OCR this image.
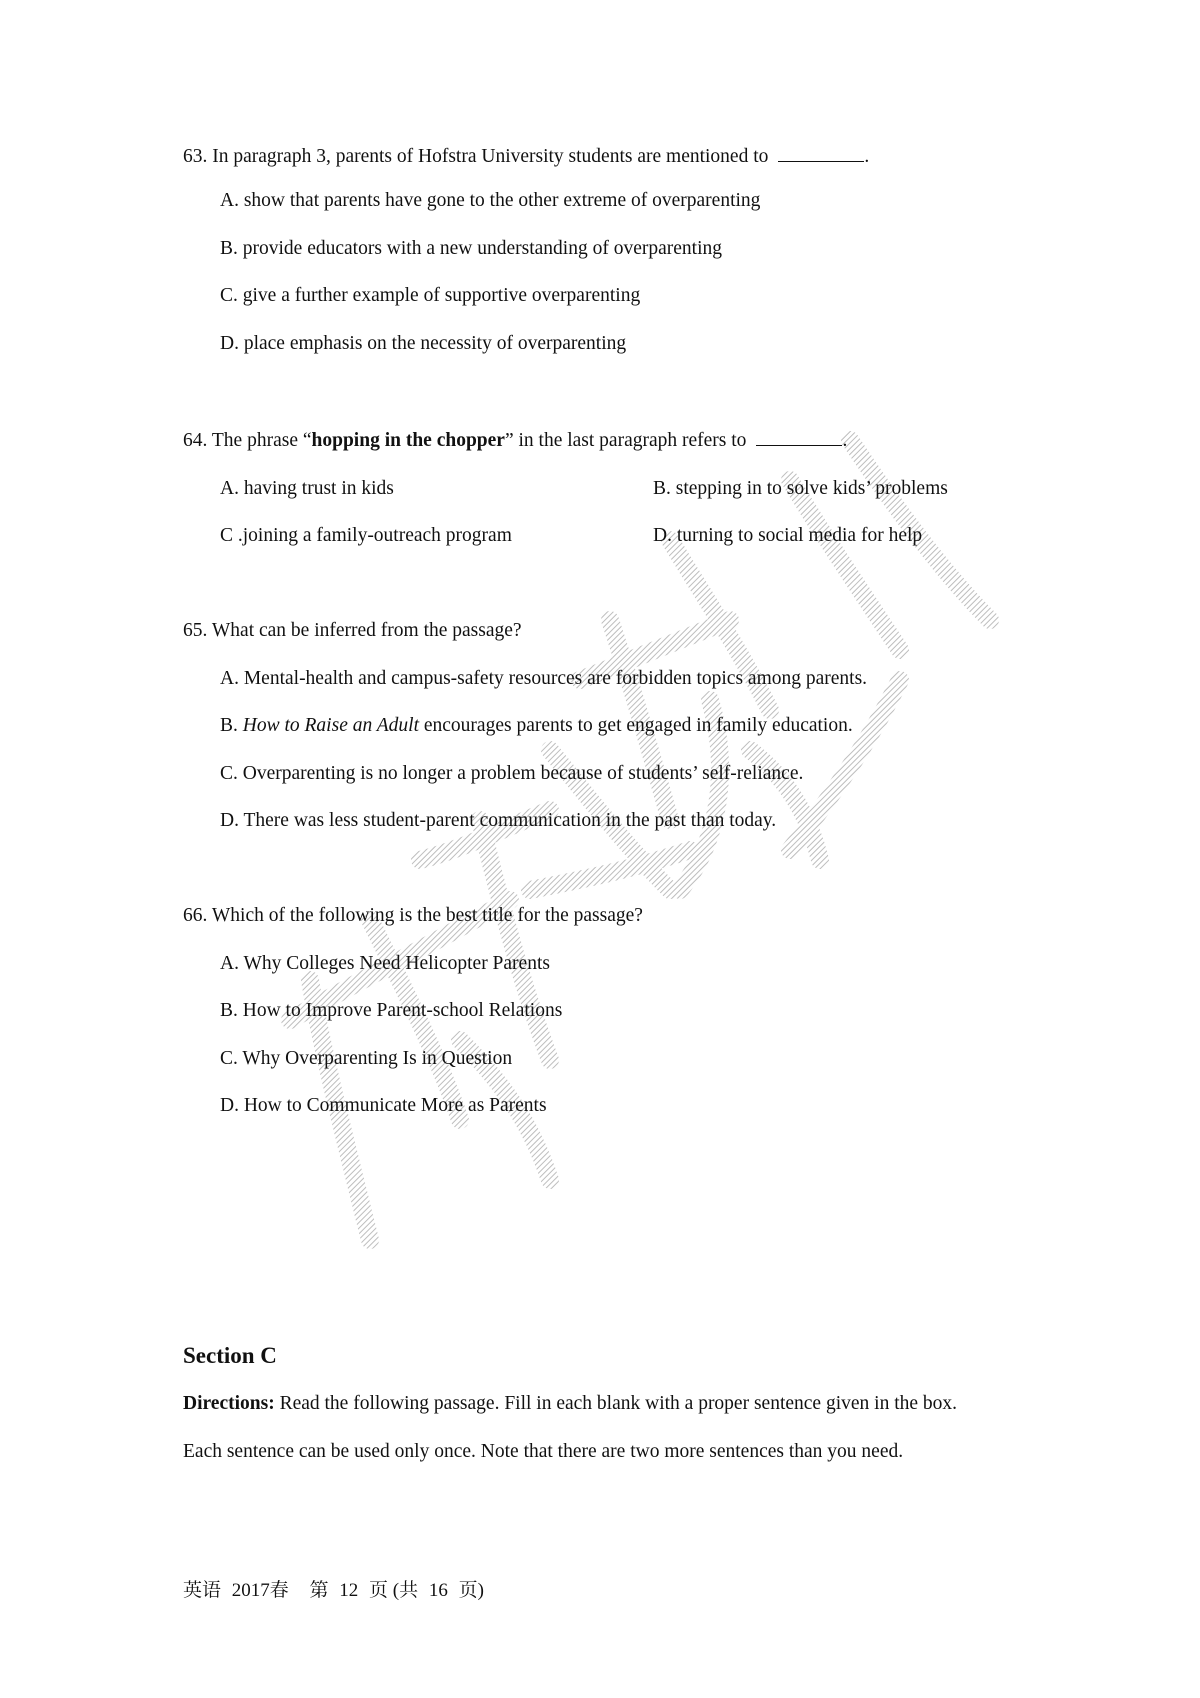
63. In paragraph 3, parents of Hofstra University students are mentioned to	.
A. show that parents have gone to the other extreme of overparenting
B. provide educators with a new understanding of overparenting
C. give a further example of supportive overparenting
D. place emphasis on the necessity of overparenting
64. The phrase “hopping in the chopper” in the last paragraph refers to	.
A. having trust in kids	B. stepping in to solve kids’ problems
C .joining a family-outreach program	D. turning to social media for help
65. What can be inferred from the passage?
A. Mental-health and campus-safety resources are forbidden topics among parents.
B. How to Raise an Adult encourages parents to get engaged in family education.
C. Overparenting is no longer a problem because of students’ self-reliance.
D. There was less student-parent communication in the past than today.
66. Which of the following is the best title for the passage?
A. Why Colleges Need Helicopter Parents
B. How to Improve Parent-school Relations
C. Why Overparenting Is in Question
D. How to Communicate More as Parents
Section C
Directions: Read the following passage. Fill in each blank with a proper sentence given in the box.
Each sentence can be used only once. Note that there are two more sentences than you need.
英语 2017春 第 12 页 (共 16 页)
